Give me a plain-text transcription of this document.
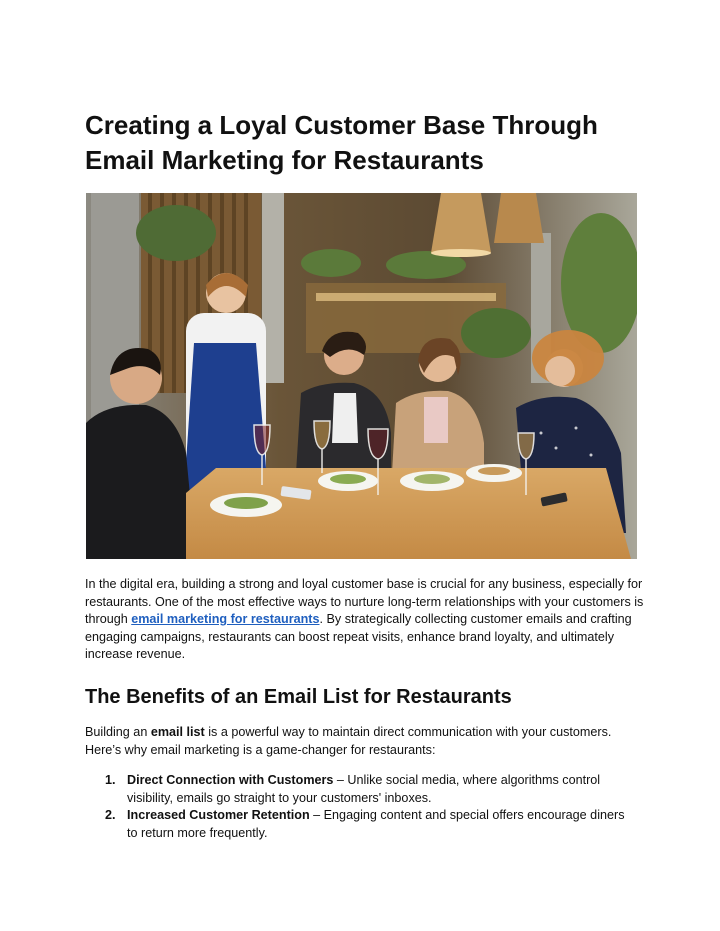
Creating a Loyal Customer Base Through Email Marketing for Restaurants

In the digital era, building a strong and loyal customer base is crucial for any business, especially for restaurants. One of the most effective ways to nurture long-term relationships with your customers is through email marketing for restaurants. By strategically collecting customer emails and crafting engaging campaigns, restaurants can boost repeat visits, enhance brand loyalty, and ultimately increase revenue.

The Benefits of an Email List for Restaurants

Building an email list is a powerful way to maintain direct communication with your customers. Here’s why email marketing is a game-changer for restaurants:

1. Direct Connection with Customers – Unlike social media, where algorithms control visibility, emails go straight to your customers' inboxes.
2. Increased Customer Retention – Engaging content and special offers encourage diners to return more frequently.
